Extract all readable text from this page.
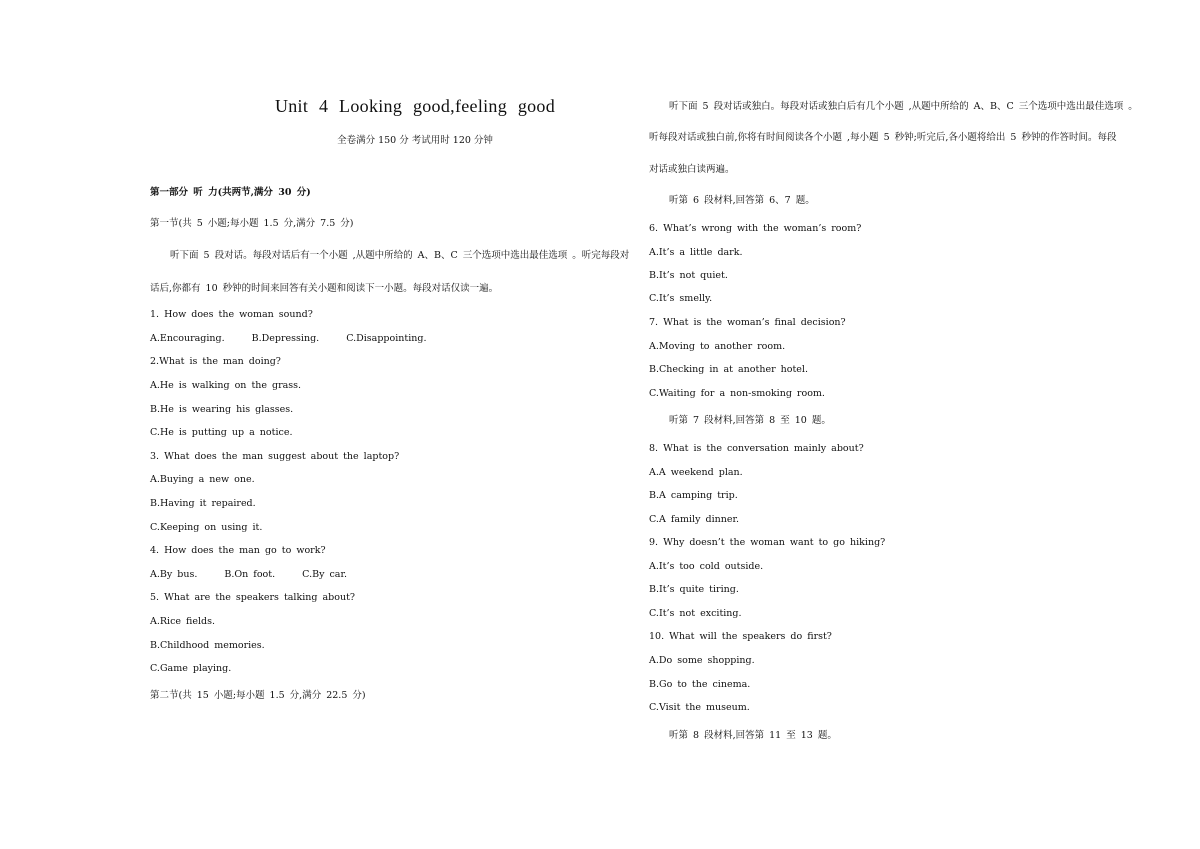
Unit 4 Looking good,feeling good
全卷满分 150 分 考试用时 120 分钟
第一部分 听 力(共两节,满分 30 分)
第一节(共 5 小题;每小题 1.5 分,满分 7.5 分)
听下面 5 段对话。每段对话后有一个小题 ,从题中所给的 A、B、C 三个选项中选出最佳选项 。听完每段对
话后,你都有 10 秒钟的时间来回答有关小题和阅读下一小题。每段对话仅读一遍。
1. How does the woman sound?
A.Encouraging.	B.Depressing.	C.Disappointing.
2.What is the man doing?
A.He is walking on the grass.
B.He is wearing his glasses.
C.He is putting up a notice.
3. What does the man suggest about the laptop?
A.Buying a new one.
B.Having it repaired.
C.Keeping on using it.
4. How does the man go to work?
A.By bus.	B.On foot.	C.By car.
5. What are the speakers talking about?
A.Rice fields.
B.Childhood memories.
C.Game playing.
第二节(共 15 小题;每小题 1.5 分,满分 22.5 分)
听下面 5 段对话或独白。每段对话或独白后有几个小题 ,从题中所给的 A、B、C 三个选项中选出最佳选项 。
听每段对话或独白前,你将有时间阅读各个小题 ,每小题 5 秒钟;听完后,各小题将给出 5 秒钟的作答时间。每段
对话或独白读两遍。
听第 6 段材料,回答第 6、7 题。
6. What’s wrong with the woman’s room?
A.It’s a little dark.
B.It’s not quiet.
C.It’s smelly.
7. What is the woman’s final decision?
A.Moving to another room.
B.Checking in at another hotel.
C.Waiting for a non-smoking room.
听第 7 段材料,回答第 8 至 10 题。
8. What is the conversation mainly about?
A.A weekend plan.
B.A camping trip.
C.A family dinner.
9. Why doesn’t the woman want to go hiking?
A.It’s too cold outside.
B.It’s quite tiring.
C.It’s not exciting.
10. What will the speakers do first?
A.Do some shopping.
B.Go to the cinema.
C.Visit the museum.
听第 8 段材料,回答第 11 至 13 题。
